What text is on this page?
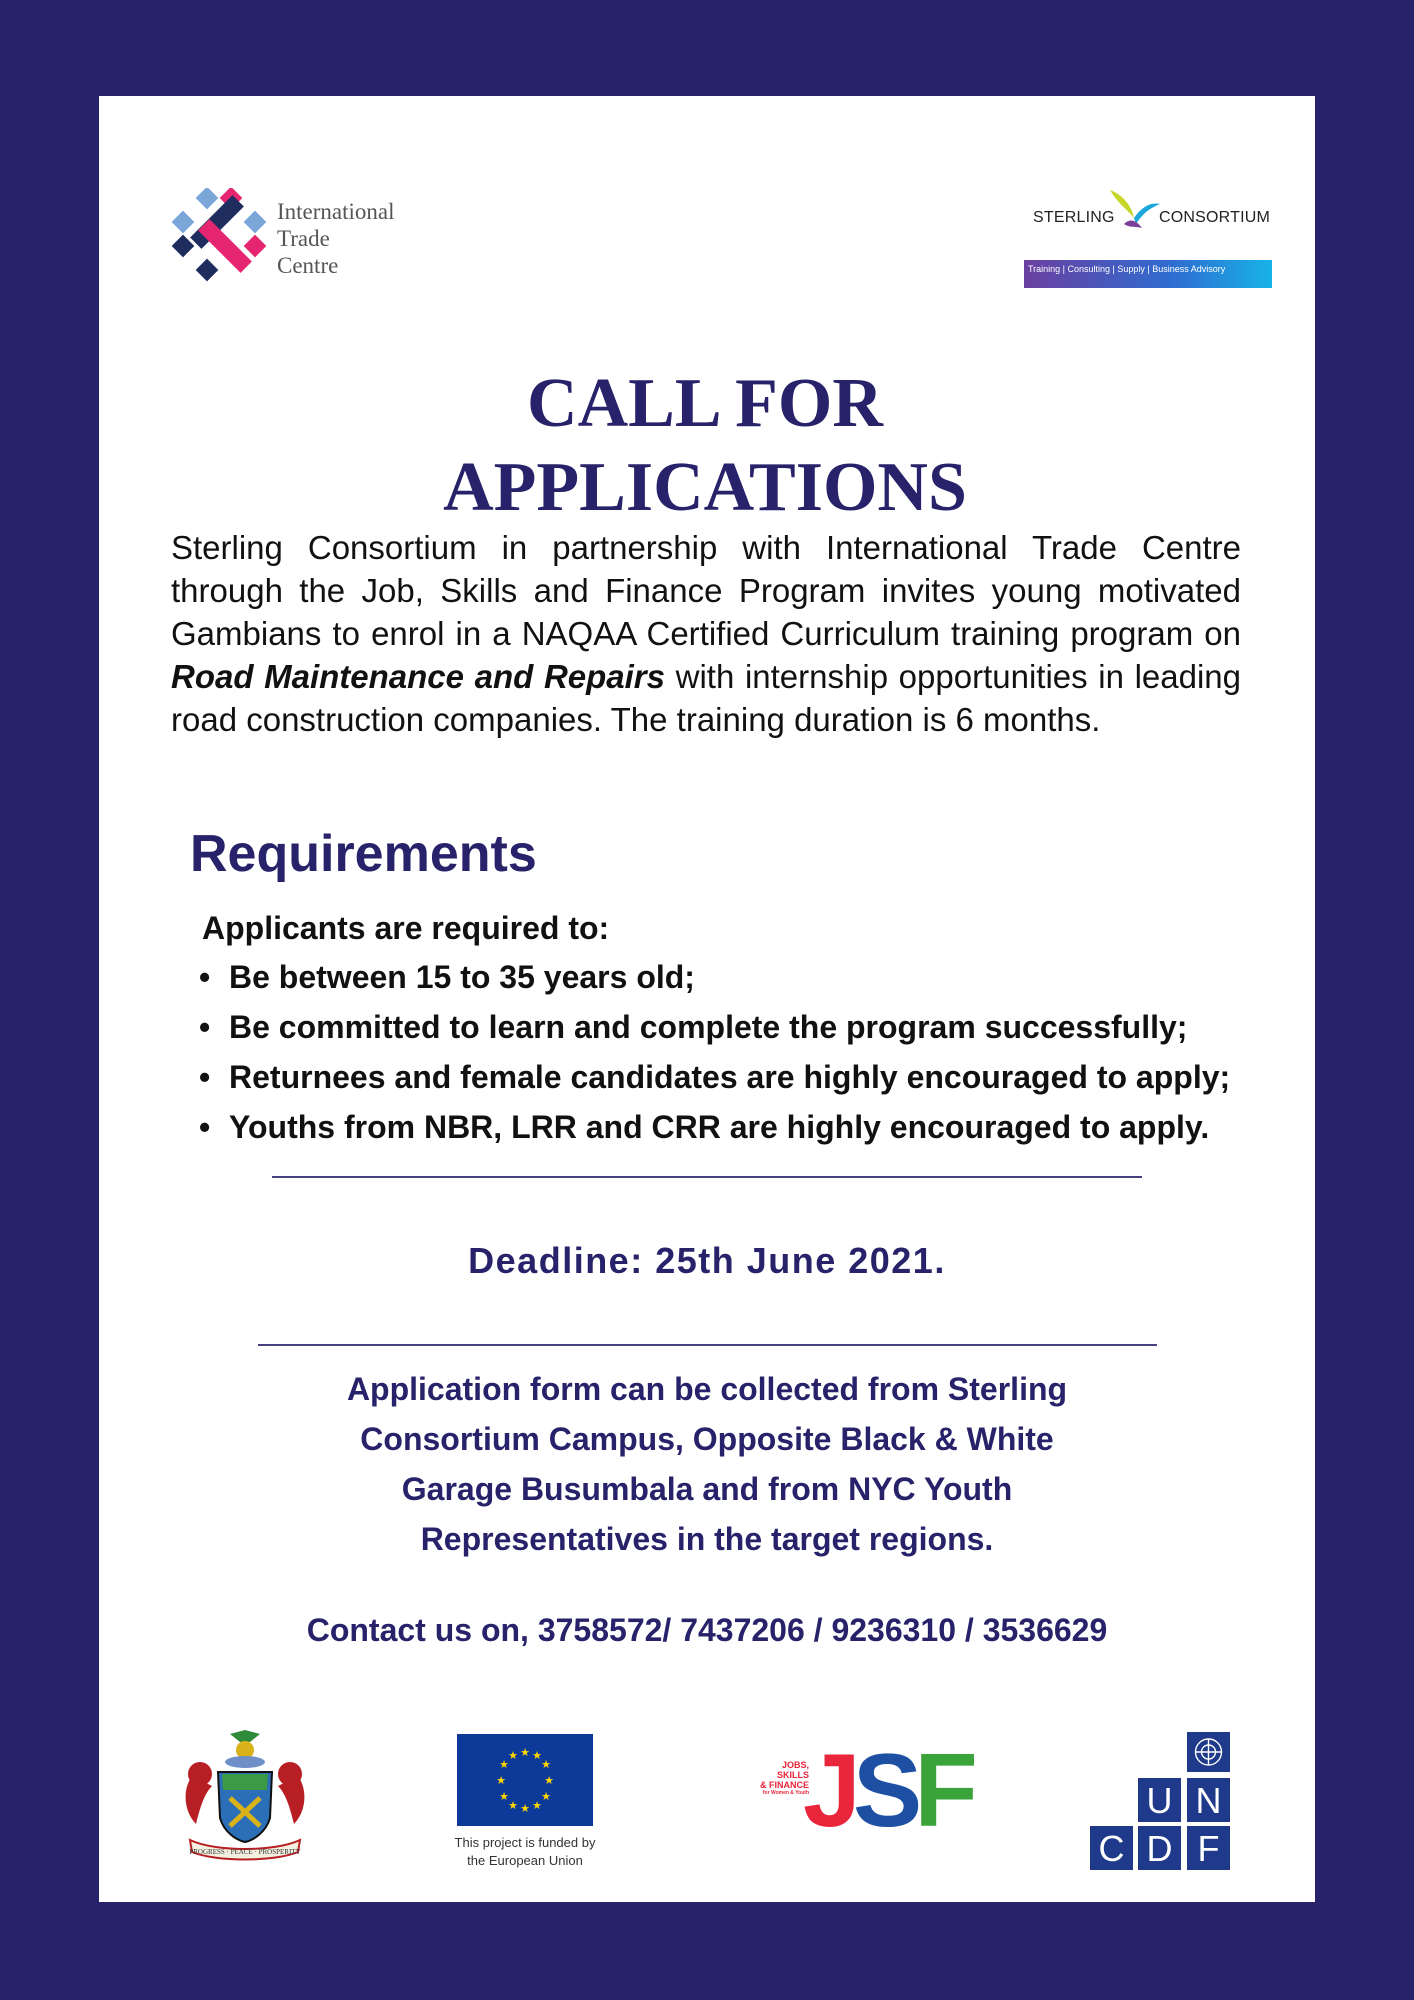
International
Trade
Centre
STERLING	CONSORTIUM
Training | Consulting | Supply | Business Advisory
CALL FOR
APPLICATIONS
Sterling Consortium in partnership with International Trade Centre through the Job, Skills and Finance Program invites young motivated Gambians to enrol in a NAQAA Certified Curriculum training program on Road Maintenance and Repairs with internship opportunities in leading road construction companies. The training duration is 6 months.
Requirements
Applicants are required to:
• Be between 15 to 35 years old;
• Be committed to learn and complete the program successfully;
• Returnees and female candidates are highly encouraged to apply;
• Youths from NBR, LRR and CRR are highly encouraged to apply.
Deadline: 25th June 2021.
Application form can be collected from Sterling
Consortium Campus, Opposite Black & White
Garage Busumbala and from NYC Youth
Representatives in the target regions.
Contact us on, 3758572/ 7437206 / 9236310 / 3536629
PROGRESS · PEACE · PROSPERITY
★ ★
★
★
★
★
★
★
★
★
★
★
This project is funded by
the European Union
JOBS,
SKILLS
& FINANCE
for Women & Youth
JSF	U N
C D F
